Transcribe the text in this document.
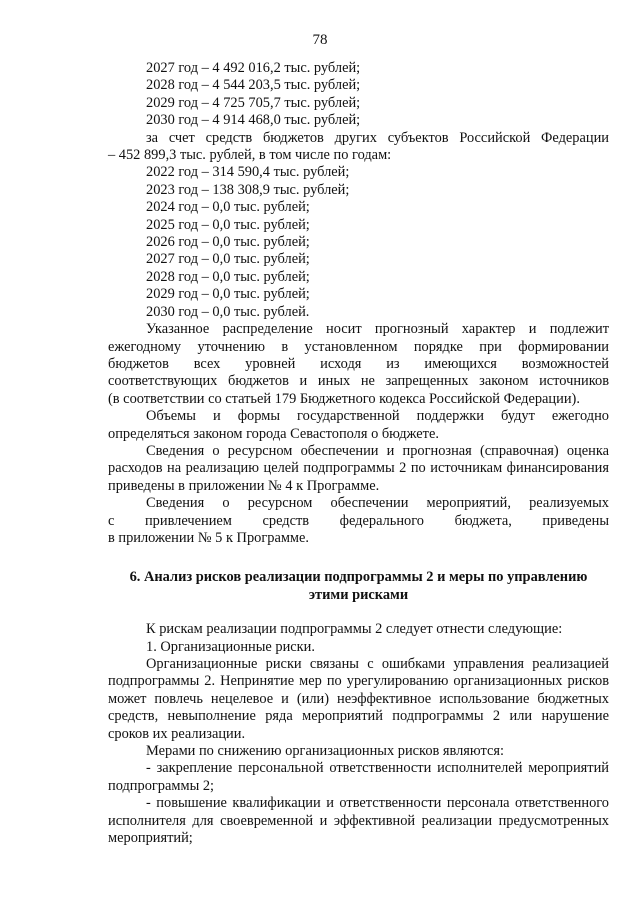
78
2027 год – 4 492 016,2 тыс. рублей;
2028 год – 4 544 203,5 тыс. рублей;
2029 год – 4 725 705,7 тыс. рублей;
2030 год – 4 914 468,0 тыс. рублей;
за счет средств бюджетов других субъектов Российской Федерации
– 452 899,3 тыс. рублей, в том числе по годам:
2022 год – 314 590,4 тыс. рублей;
2023 год – 138 308,9 тыс. рублей;
2024 год – 0,0 тыс. рублей;
2025 год – 0,0 тыс. рублей;
2026 год – 0,0 тыс. рублей;
2027 год – 0,0 тыс. рублей;
2028 год – 0,0 тыс. рублей;
2029 год – 0,0 тыс. рублей;
2030 год – 0,0 тыс. рублей.
Указанное распределение носит прогнозный характер и подлежит
ежегодному уточнению в установленном порядке при формировании
бюджетов всех уровней исходя из имеющихся возможностей
соответствующих бюджетов и иных не запрещенных законом источников
(в соответствии со статьей 179 Бюджетного кодекса Российской Федерации).
Объемы и формы государственной поддержки будут ежегодно
определяться законом города Севастополя о бюджете.
Сведения о ресурсном обеспечении и прогнозная (справочная) оценка
расходов на реализацию целей подпрограммы 2 по источникам финансирования
приведены в приложении № 4 к Программе.
Сведения о ресурсном обеспечении мероприятий, реализуемых
с привлечением средств федерального бюджета, приведены
в приложении № 5 к Программе.
6. Анализ рисков реализации подпрограммы 2 и меры по управлению
этими рисками
К рискам реализации подпрограммы 2 следует отнести следующие:
1. Организационные риски.
Организационные риски связаны с ошибками управления реализацией
подпрограммы 2. Непринятие мер по урегулированию организационных рисков
может повлечь нецелевое и (или) неэффективное использование бюджетных
средств, невыполнение ряда мероприятий подпрограммы 2 или нарушение
сроков их реализации.
Мерами по снижению организационных рисков являются:
- закрепление персональной ответственности исполнителей мероприятий
подпрограммы 2;
- повышение квалификации и ответственности персонала ответственного
исполнителя для своевременной и эффективной реализации предусмотренных
мероприятий;
